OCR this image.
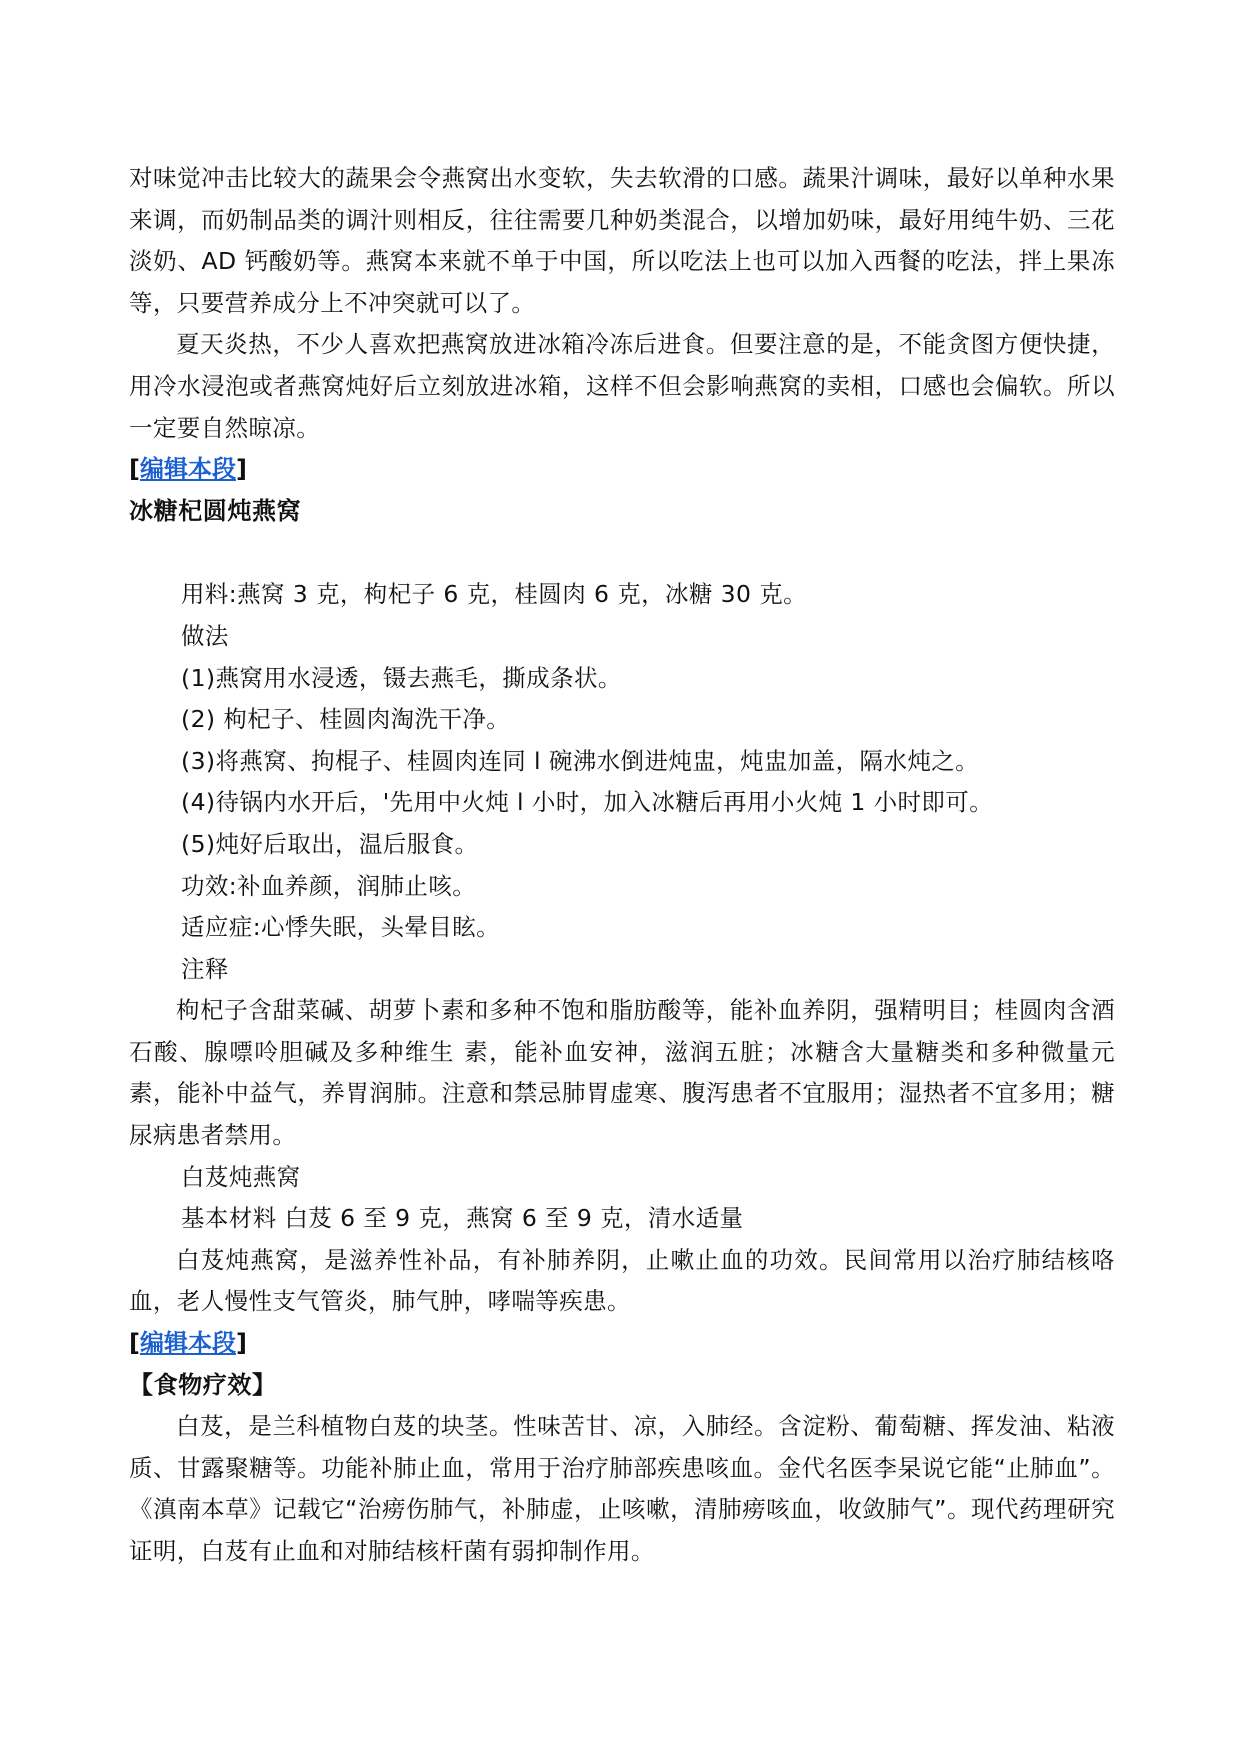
对味觉冲击比较大的蔬果会令燕窝出水变软，失去软滑的口感。蔬果汁调味，最好以单种水果来调，而奶制品类的调汁则相反，往往需要几种奶类混合，以增加奶味，最好用纯牛奶、三花淡奶、AD 钙酸奶等。燕窝本来就不单于中国，所以吃法上也可以加入西餐的吃法，拌上果冻等，只要营养成分上不冲突就可以了。

夏天炎热，不少人喜欢把燕窝放进冰箱冷冻后进食。但要注意的是，不能贪图方便快捷，用冷水浸泡或者燕窝炖好后立刻放进冰箱，这样不但会影响燕窝的卖相，口感也会偏软。所以一定要自然晾凉。

[编辑本段]

冰糖杞圆炖燕窝

用料:燕窝 3 克，枸杞子 6 克，桂圆肉 6 克，冰糖 30 克。

做法

(1)燕窝用水浸透，镊去燕毛，撕成条状。

(2) 枸杞子、桂圆肉淘洗干净。

(3)将燕窝、拘棍子、桂圆肉连同 l 碗沸水倒进炖盅，炖盅加盖，隔水炖之。

(4)待锅内水开后，'先用中火炖 l 小时，加入冰糖后再用小火炖 1 小时即可。

(5)炖好后取出，温后服食。

功效:补血养颜，润肺止咳。

适应症:心悸失眠，头晕目眩。

注释

枸杞子含甜菜碱、胡萝卜素和多种不饱和脂肪酸等，能补血养阴，强精明目；桂圆肉含酒石酸、腺嘌呤胆碱及多种维生 素，能补血安神，滋润五脏；冰糖含大量糖类和多种微量元素，能补中益气，养胃润肺。注意和禁忌肺胃虚寒、腹泻患者不宜服用；湿热者不宜多用；糖尿病患者禁用。

白芨炖燕窝

基本材料 白芨 6 至 9 克，燕窝 6 至 9 克，清水适量

白芨炖燕窝，是滋养性补品，有补肺养阴，止嗽止血的功效。民间常用以治疗肺结核咯血，老人慢性支气管炎，肺气肿，哮喘等疾患。

[编辑本段]

【食物疗效】

白芨，是兰科植物白芨的块茎。性味苦甘、凉，入肺经。含淀粉、葡萄糖、挥发油、粘液质、甘露聚糖等。功能补肺止血，常用于治疗肺部疾患咳血。金代名医李杲说它能“止肺血”。《滇南本草》记载它“治痨伤肺气，补肺虚，止咳嗽，清肺痨咳血，收敛肺气”。现代药理研究证明，白芨有止血和对肺结核杆菌有弱抑制作用。
